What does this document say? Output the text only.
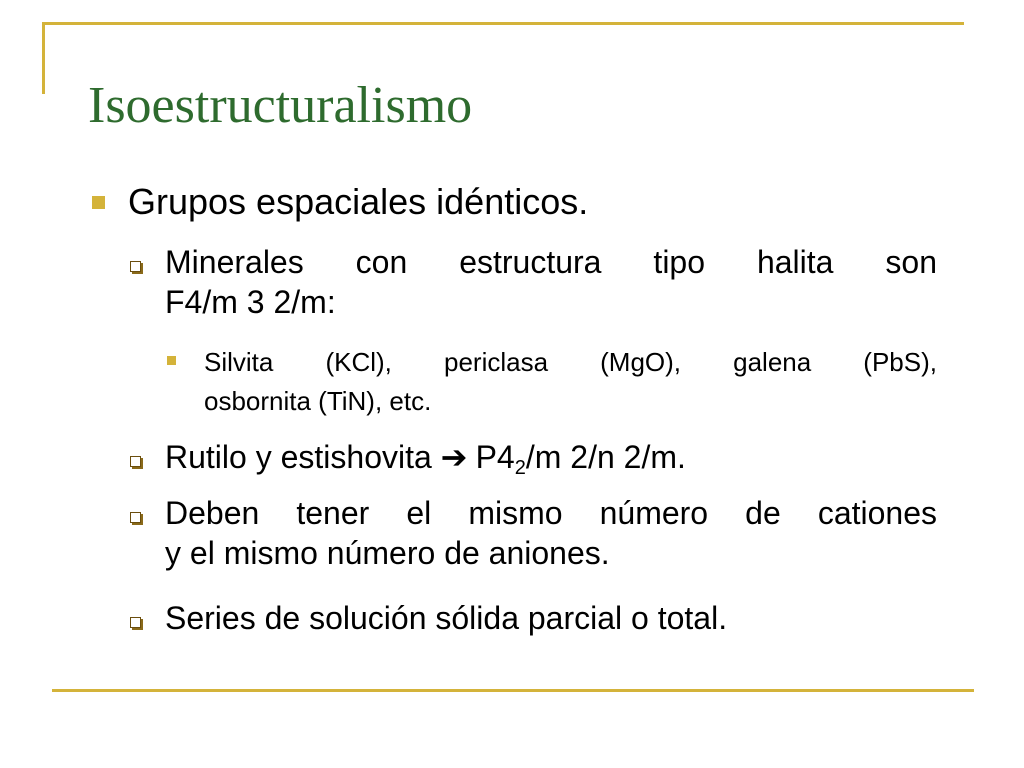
Isoestructuralismo
Grupos espaciales idénticos.
Minerales con estructura tipo halita son
F4/m 3 2/m:
Silvita (KCl), periclasa (MgO), galena (PbS),
osbornita (TiN), etc.
Rutilo y estishovita ➔ $P4_2/m$ 2/n 2/m.
Deben tener el mismo número de cationes
y el mismo número de aniones.
Series de solución sólida parcial o total.
